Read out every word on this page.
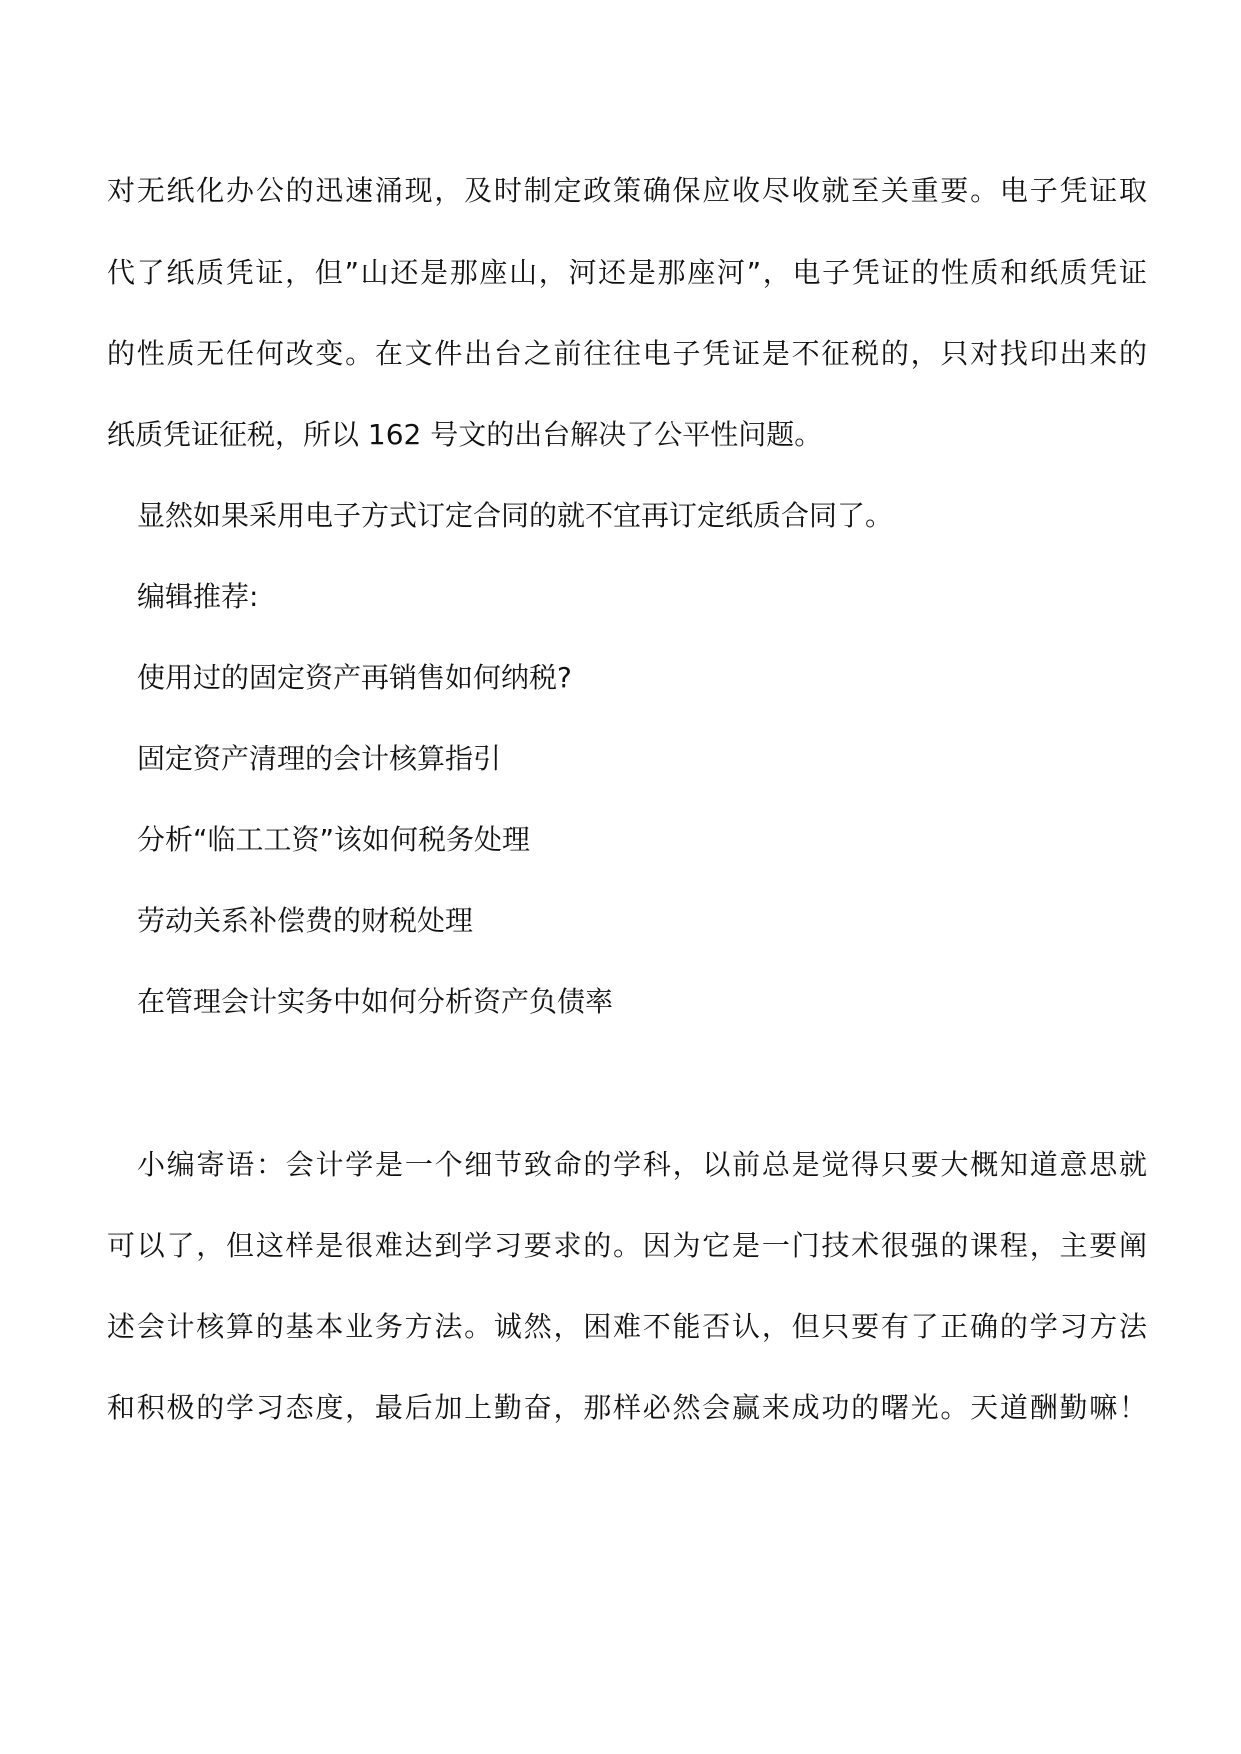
对无纸化办公的迅速涌现，及时制定政策确保应收尽收就至关重要。电子凭证取
代了纸质凭证，但”山还是那座山，河还是那座河”，电子凭证的性质和纸质凭证
的性质无任何改变。在文件出台之前往往电子凭证是不征税的，只对找印出来的
纸质凭证征税，所以 162 号文的出台解决了公平性问题。
显然如果采用电子方式订定合同的就不宜再订定纸质合同了。
编辑推荐:
使用过的固定资产再销售如何纳税?
固定资产清理的会计核算指引
分析“临工工资”该如何税务处理
劳动关系补偿费的财税处理
在管理会计实务中如何分析资产负债率
小编寄语：会计学是一个细节致命的学科，以前总是觉得只要大概知道意思就
可以了，但这样是很难达到学习要求的。因为它是一门技术很强的课程，主要阐
述会计核算的基本业务方法。诚然，困难不能否认，但只要有了正确的学习方法
和积极的学习态度，最后加上勤奋，那样必然会赢来成功的曙光。天道酬勤嘛！
